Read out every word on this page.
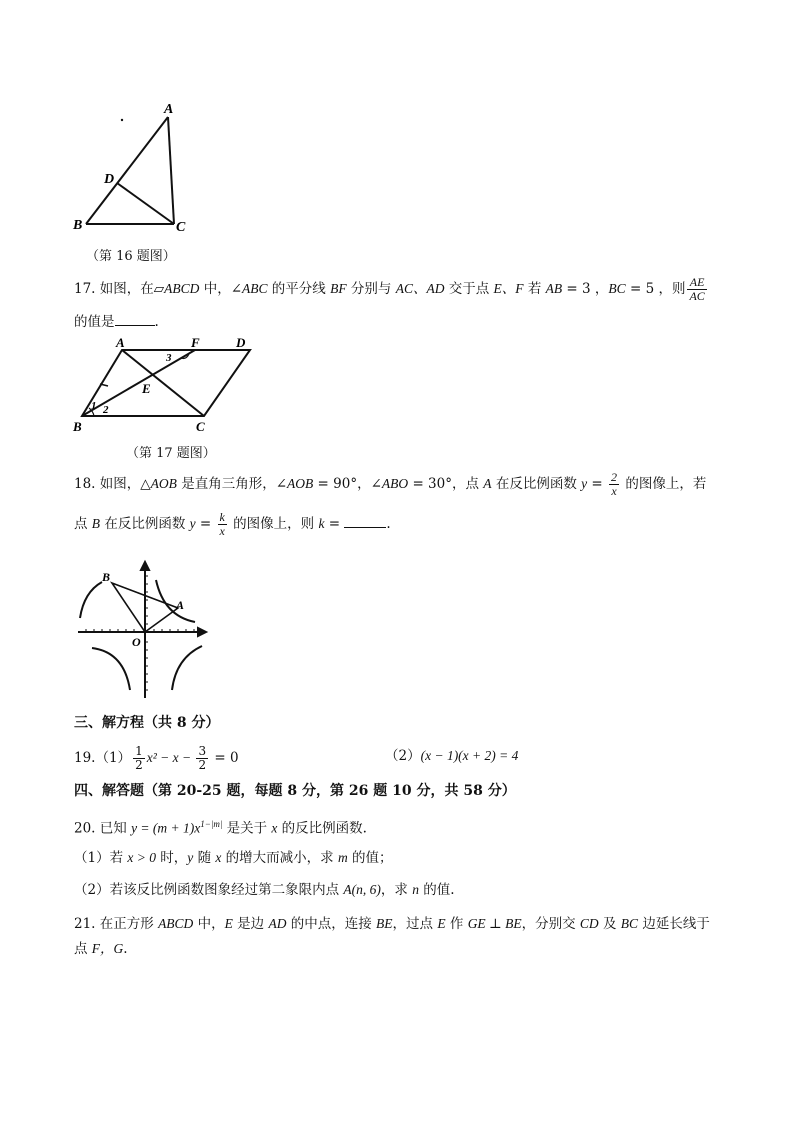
A
D
B	C
（第 16 题图）
17. 如图，在▱ABCD 中，∠ABC 的平分线 BF 分别与 AC、AD 交于点 E、F 若 AB = 3 ，BC = 5 ，则 $\frac{AE}{AC}$
的值是	.
A	F	D
E
B	C
1 2
3
（第 17 题图）
18. 如图，△AOB 是直角三角形，∠AOB = 90°，∠ABO = 30°，点 A 在反比例函数 $y = \frac{2}{x}$ 的图像上，若
点 B 在反比例函数 $y = \frac{k}{x}$ 的图像上，则 k =	.
B
A
O
三、解方程（共 8 分）
$19.(1) \frac{1}{2} x^2 - x - \frac{3}{2} = 0$	（2）(x − 1)(x + 2) = 4
四、解答题（第 20-25 题，每题 8 分，第 26 题 10 分，共 58 分）
20. 已知 $y = (m + 1)x^{1-|m|}$ 是关于 x 的反比例函数.
（1）若 x > 0 时，y 随 x 的增大而减小，求 m 的值；
（2）若该反比例函数图象经过第二象限内点 A(n, 6)，求 n 的值.
21. 在正方形 ABCD 中，E 是边 AD 的中点，连接 BE，过点 E 作 GE ⊥ BE，分别交 CD 及 BC 边延长线于
点 F，G.
